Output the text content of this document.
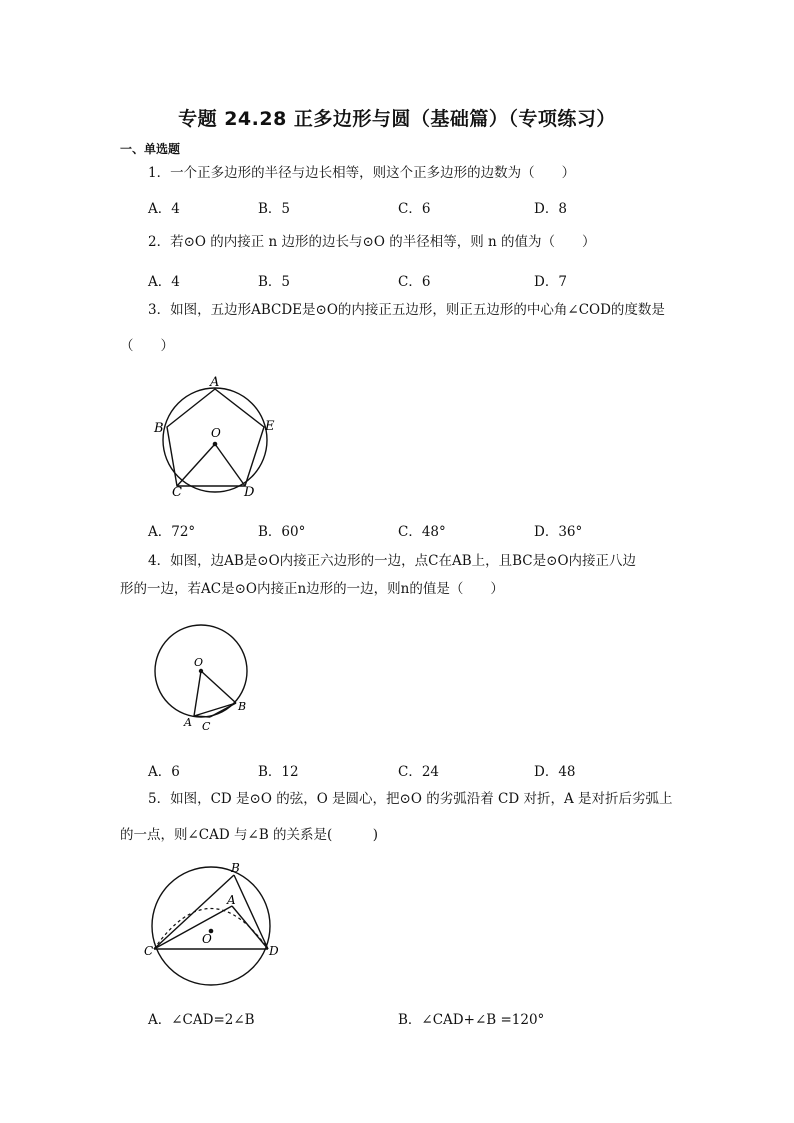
专题 24.28 正多边形与圆（基础篇）（专项练习）
一、单选题
1．一个正多边形的半径与边长相等，则这个正多边形的边数为（　　）
A．4	B．5	C．6	D．8
2．若⊙O 的内接正 n 边形的边长与⊙O 的半径相等，则 n 的值为（　　）
A．4	B．5	C．6	D．7
3．如图，五边形ABCDE是⊙O的内接正五边形，则正五边形的中心角∠COD的度数是
（　　）
A
B
C	D
E
O
A．72°	B．60°	C．48°	D．36°
4．如图，边AB是⊙O内接正六边形的一边，点C在AB上，且BC是⊙O内接正八边
形的一边，若AC是⊙O内接正n边形的一边，则n的值是（　　）
O
A
B
C
A．6	B．12	C．24	D．48
5．如图，CD 是⊙O 的弦，O 是圆心，把⊙O 的劣弧沿着 CD 对折，A 是对折后劣弧上
的一点，则∠CAD 与∠B 的关系是(　　　)
B
A
C	D
O
A．∠CAD=2∠B	B．∠CAD+∠B =120°
